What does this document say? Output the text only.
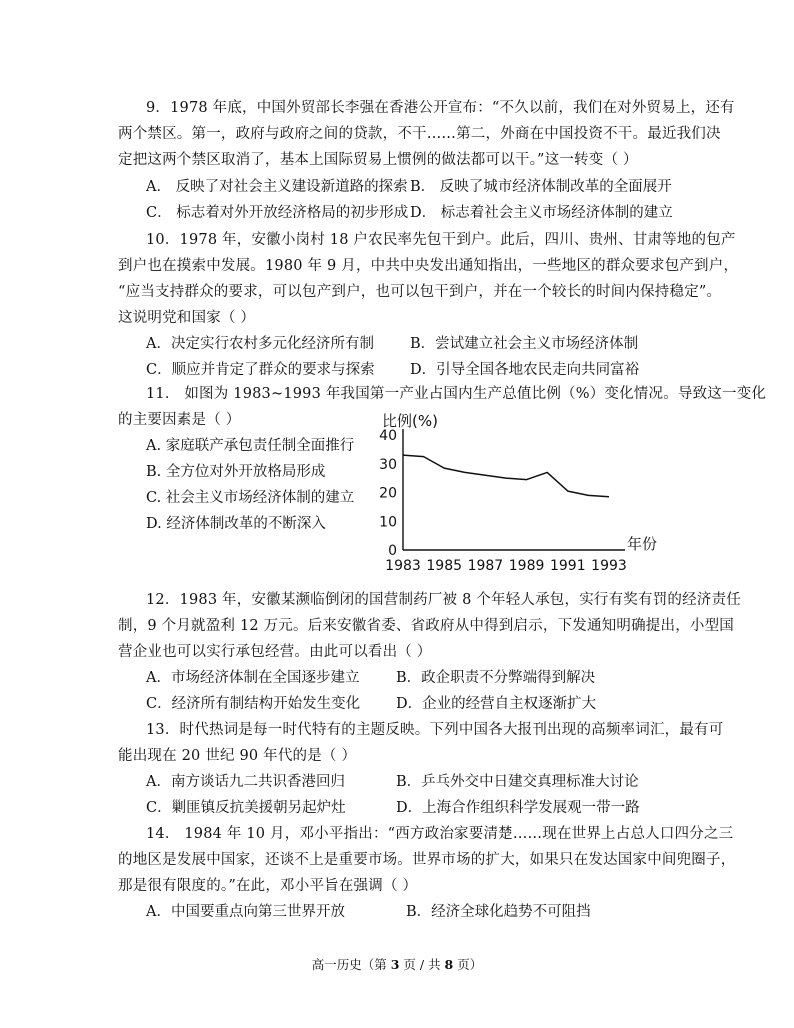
9．1978 年底，中国外贸部长李强在香港公开宣布：“不久以前，我们在对外贸易上，还有
两个禁区。第一，政府与政府之间的贷款，不干……第二，外商在中国投资不干。最近我们决
定把这两个禁区取消了，基本上国际贸易上惯例的做法都可以干。”这一转变（ ）
A． 反映了对社会主义建设新道路的探索 B． 反映了城市经济体制改革的全面展开
C． 标志着对外开放经济格局的初步形成 D． 标志着社会主义市场经济体制的建立
10．1978 年，安徽小岗村 18 户农民率先包干到户。此后，四川、贵州、甘肃等地的包产
到户也在摸索中发展。1980 年 9 月，中共中央发出通知指出，一些地区的群众要求包产到户，
“应当支持群众的要求，可以包产到户，也可以包干到户，并在一个较长的时间内保持稳定”。
这说明党和国家（ ）
A．决定实行农村多元化经济所有制 B．尝试建立社会主义市场经济体制
C．顺应并肯定了群众的要求与探索 D．引导全国各地农民走向共同富裕
11． 如图为 1983~1993 年我国第一产业占国内生产总值比例（%）变化情况。导致这一变化
的主要因素是（ ）
A. 家庭联产承包责任制全面推行
B. 全方位对外开放格局形成
C. 社会主义市场经济体制的建立
D. 经济体制改革的不断深入
0
10
20
30
40
1983 1985 1987 1989 1991 1993
比例(%)
年份
12．1983 年，安徽某濒临倒闭的国营制药厂被 8 个年轻人承包，实行有奖有罚的经济责任
制，9 个月就盈利 12 万元。后来安徽省委、省政府从中得到启示，下发通知明确提出，小型国
营企业也可以实行承包经营。由此可以看出（ ）
A．市场经济体制在全国逐步建立	B．政企职责不分弊端得到解决
C．经济所有制结构开始发生变化 D．企业的经营自主权逐渐扩大
13．时代热词是每一时代特有的主题反映。下列中国各大报刊出现的高频率词汇，最有可
能出现在 20 世纪 90 年代的是（ ）
A．南方谈话九二共识香港回归	B．乒乓外交中日建交真理标准大讨论
C．剿匪镇反抗美援朝另起炉灶	D．上海合作组织科学发展观一带一路
14． 1984 年 10 月，邓小平指出：“西方政治家要清楚……现在世界上占总人口四分之三
的地区是发展中国家，还谈不上是重要市场。世界市场的扩大，如果只在发达国家中间兜圈子，
那是很有限度的。”在此，邓小平旨在强调（ ）
A．中国要重点向第三世界开放	B．经济全球化趋势不可阻挡
高一历史（第 3 页 / 共 8 页）
